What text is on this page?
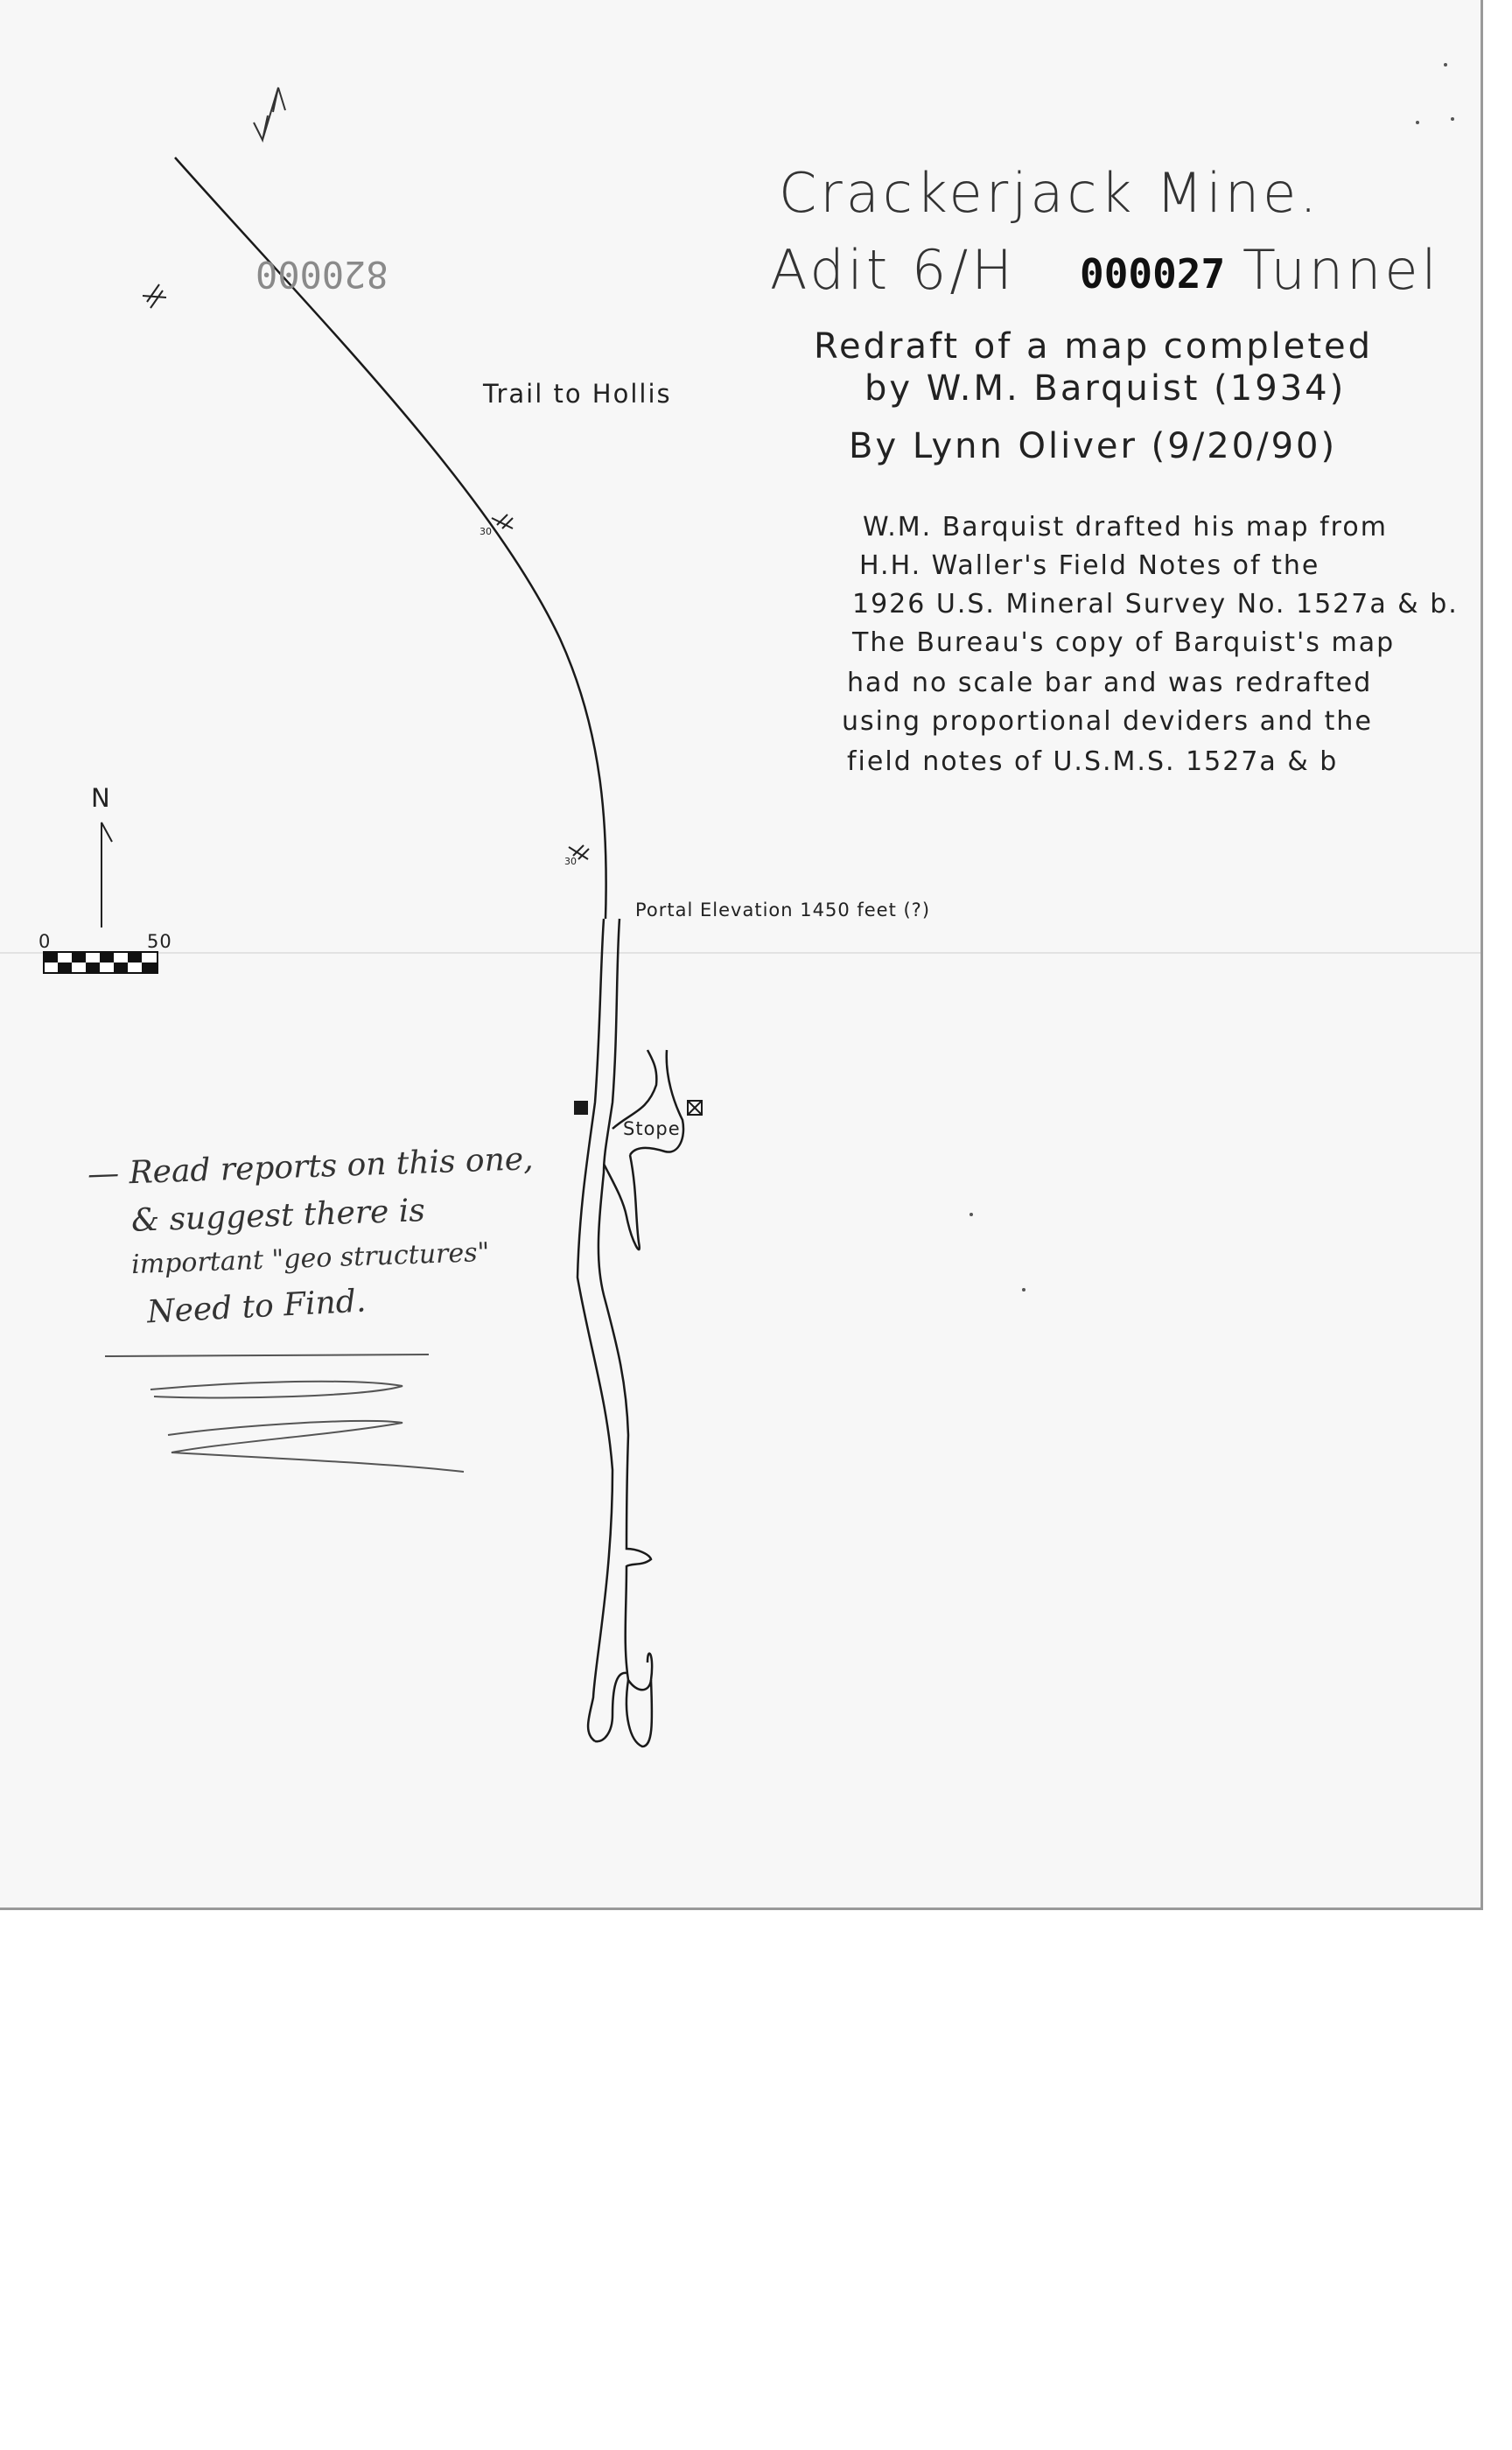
30
30
Crackerjack Mine.
Adit 6/H	Tunnel
000027
820000
Redraft of a map completed
by W.M. Barquist (1934)
By Lynn Oliver (9/20/90)
W.M. Barquist drafted his map from
H.H. Waller's Field Notes of the
1926 U.S. Mineral Survey No. 1527a & b.
The Bureau's copy of Barquist's map
had no scale bar and was redrafted
using proportional deviders and the
field notes of U.S.M.S. 1527a & b
Trail to Hollis
Portal Elevation 1450 feet (?)
Stope
N
0	50
— Read reports on this one,
& suggest there is
important "geo structures"
Need to Find.
